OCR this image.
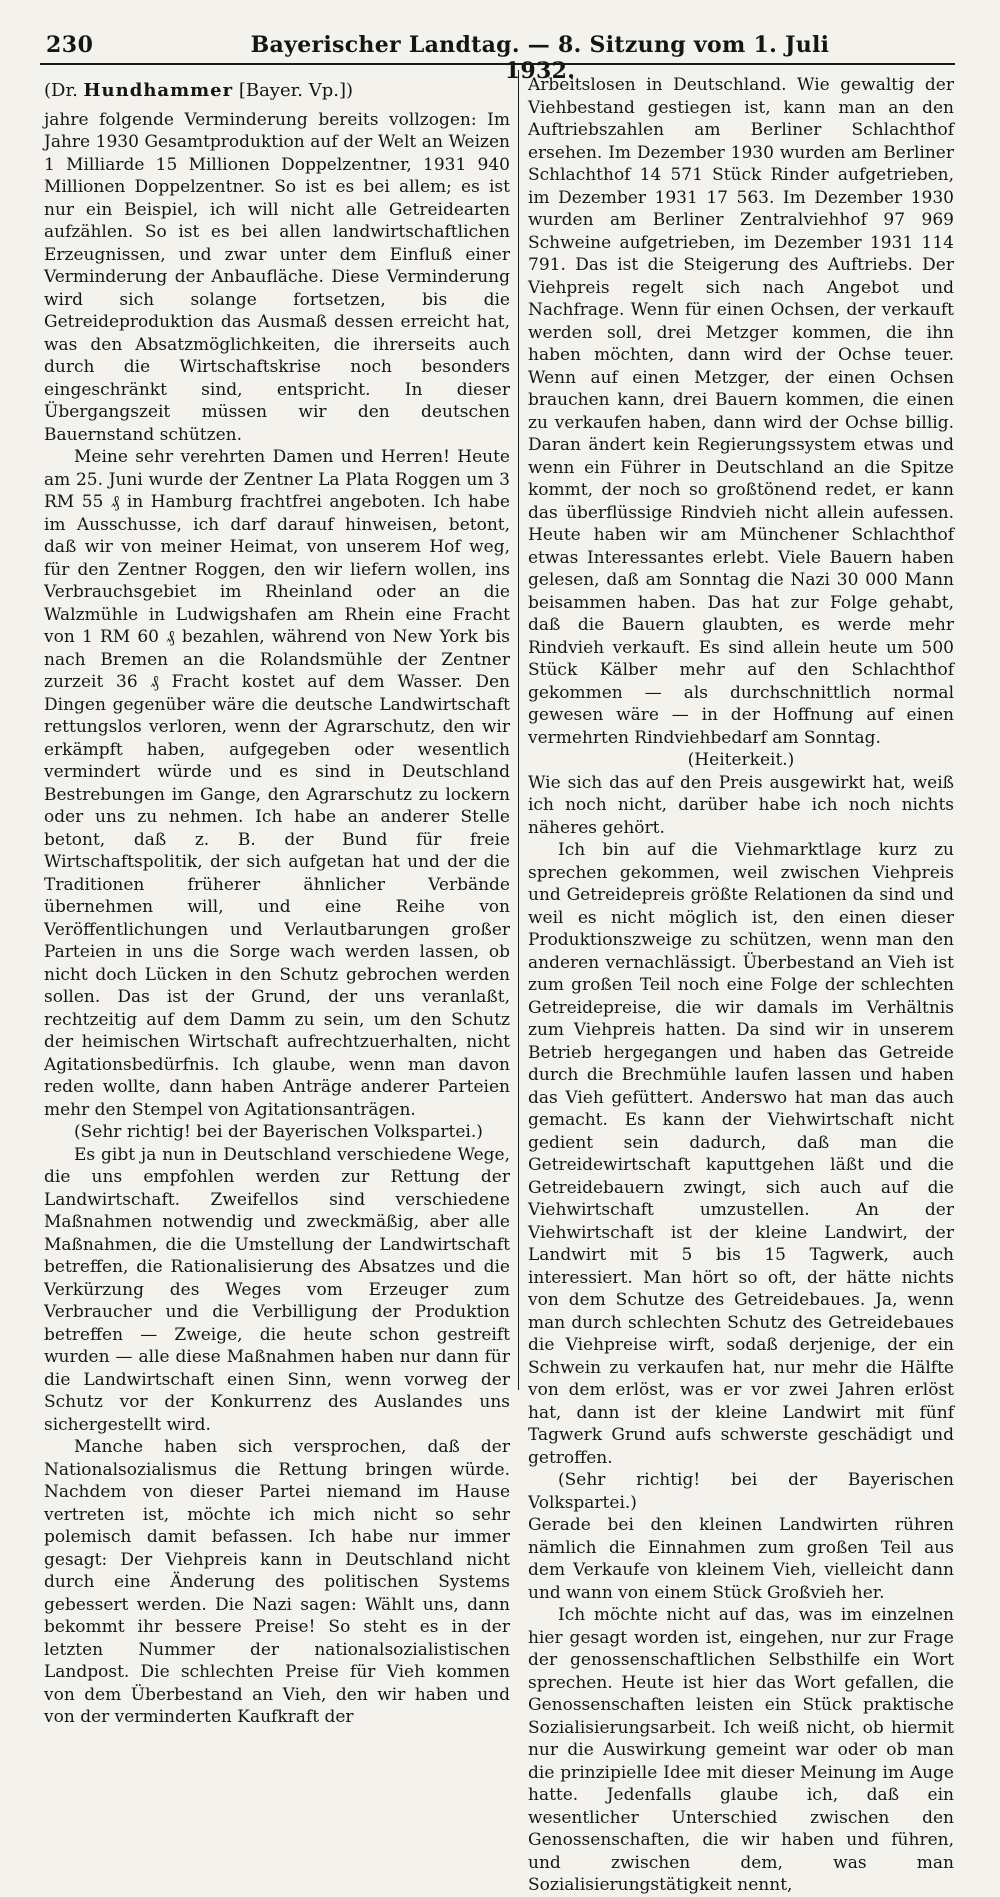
230	Bayerischer Landtag. — 8. Sitzung vom 1. Juli 1932.

(Dr. Hundhammer [Bayer. Vp.])

jahre folgende Verminderung bereits vollzogen: Im Jahre 1930 Gesamtproduktion auf der Welt an Weizen 1 Milliarde 15 Millionen Doppelzentner, 1931 940 Millionen Doppelzentner. So ist es bei allem; es ist nur ein Beispiel, ich will nicht alle Getreidearten aufzählen. So ist es bei allen landwirtschaftlichen Erzeugnissen, und zwar unter dem Einfluß einer Verminderung der Anbaufläche. Diese Verminderung wird sich solange fortsetzen, bis die Getreideproduktion das Ausmaß dessen erreicht hat, was den Absatzmöglichkeiten, die ihrerseits auch durch die Wirtschaftskrise noch besonders eingeschränkt sind, entspricht. In dieser Übergangszeit müssen wir den deutschen Bauernstand schützen.

Meine sehr verehrten Damen und Herren! Heute am 25. Juni wurde der Zentner La Plata Roggen um 3 RM 55 ₰ in Hamburg frachtfrei angeboten. Ich habe im Ausschusse, ich darf darauf hinweisen, betont, daß wir von meiner Heimat, von unserem Hof weg, für den Zentner Roggen, den wir liefern wollen, ins Verbrauchsgebiet im Rheinland oder an die Walzmühle in Ludwigshafen am Rhein eine Fracht von 1 RM 60 ₰ bezahlen, während von New York bis nach Bremen an die Rolandsmühle der Zentner zurzeit 36 ₰ Fracht kostet auf dem Wasser. Den Dingen gegenüber wäre die deutsche Landwirtschaft rettungslos verloren, wenn der Agrarschutz, den wir erkämpft haben, aufgegeben oder wesentlich vermindert würde und es sind in Deutschland Bestrebungen im Gange, den Agrarschutz zu lockern oder uns zu nehmen. Ich habe an anderer Stelle betont, daß z. B. der Bund für freie Wirtschaftspolitik, der sich aufgetan hat und der die Traditionen früherer ähnlicher Verbände übernehmen will, und eine Reihe von Veröffentlichungen und Verlautbarungen großer Parteien in uns die Sorge wach werden lassen, ob nicht doch Lücken in den Schutz gebrochen werden sollen. Das ist der Grund, der uns veranlaßt, rechtzeitig auf dem Damm zu sein, um den Schutz der heimischen Wirtschaft aufrechtzuerhalten, nicht Agitationsbedürfnis. Ich glaube, wenn man davon reden wollte, dann haben Anträge anderer Parteien mehr den Stempel von Agitationsanträgen.

(Sehr richtig! bei der Bayerischen Volkspartei.)

Es gibt ja nun in Deutschland verschiedene Wege, die uns empfohlen werden zur Rettung der Landwirtschaft. Zweifellos sind verschiedene Maßnahmen notwendig und zweckmäßig, aber alle Maßnahmen, die die Umstellung der Landwirtschaft betreffen, die Rationalisierung des Absatzes und die Verkürzung des Weges vom Erzeuger zum Verbraucher und die Verbilligung der Produktion betreffen — Zweige, die heute schon gestreift wurden — alle diese Maßnahmen haben nur dann für die Landwirtschaft einen Sinn, wenn vorweg der Schutz vor der Konkurrenz des Auslandes uns sichergestellt wird.

Manche haben sich versprochen, daß der Nationalsozialismus die Rettung bringen würde. Nachdem von dieser Partei niemand im Hause vertreten ist, möchte ich mich nicht so sehr polemisch damit befassen. Ich habe nur immer gesagt: Der Viehpreis kann in Deutschland nicht durch eine Änderung des politischen Systems gebessert werden. Die Nazi sagen: Wählt uns, dann bekommt ihr bessere Preise! So steht es in der letzten Nummer der nationalsozialistischen Landpost. Die schlechten Preise für Vieh kommen von dem Überbestand an Vieh, den wir haben und von der verminderten Kaufkraft der

Arbeitslosen in Deutschland. Wie gewaltig der Viehbestand gestiegen ist, kann man an den Auftriebszahlen am Berliner Schlachthof ersehen. Im Dezember 1930 wurden am Berliner Schlachthof 14 571 Stück Rinder aufgetrieben, im Dezember 1931 17 563. Im Dezember 1930 wurden am Berliner Zentralviehhof 97 969 Schweine aufgetrieben, im Dezember 1931 114 791. Das ist die Steigerung des Auftriebs. Der Viehpreis regelt sich nach Angebot und Nachfrage. Wenn für einen Ochsen, der verkauft werden soll, drei Metzger kommen, die ihn haben möchten, dann wird der Ochse teuer. Wenn auf einen Metzger, der einen Ochsen brauchen kann, drei Bauern kommen, die einen zu verkaufen haben, dann wird der Ochse billig. Daran ändert kein Regierungssystem etwas und wenn ein Führer in Deutschland an die Spitze kommt, der noch so großtönend redet, er kann das überflüssige Rindvieh nicht allein aufessen. Heute haben wir am Münchener Schlachthof etwas Interessantes erlebt. Viele Bauern haben gelesen, daß am Sonntag die Nazi 30 000 Mann beisammen haben. Das hat zur Folge gehabt, daß die Bauern glaubten, es werde mehr Rindvieh verkauft. Es sind allein heute um 500 Stück Kälber mehr auf den Schlachthof gekommen — als durchschnittlich normal gewesen wäre — in der Hoffnung auf einen vermehrten Rindviehbedarf am Sonntag.

(Heiterkeit.)

Wie sich das auf den Preis ausgewirkt hat, weiß ich noch nicht, darüber habe ich noch nichts näheres gehört.

Ich bin auf die Viehmarktlage kurz zu sprechen gekommen, weil zwischen Viehpreis und Getreidepreis größte Relationen da sind und weil es nicht möglich ist, den einen dieser Produktionszweige zu schützen, wenn man den anderen vernachlässigt. Überbestand an Vieh ist zum großen Teil noch eine Folge der schlechten Getreidepreise, die wir damals im Verhältnis zum Viehpreis hatten. Da sind wir in unserem Betrieb hergegangen und haben das Getreide durch die Brechmühle laufen lassen und haben das Vieh gefüttert. Anderswo hat man das auch gemacht. Es kann der Viehwirtschaft nicht gedient sein dadurch, daß man die Getreidewirtschaft kaputtgehen läßt und die Getreidebauern zwingt, sich auch auf die Viehwirtschaft umzustellen. An der Viehwirtschaft ist der kleine Landwirt, der Landwirt mit 5 bis 15 Tagwerk, auch interessiert. Man hört so oft, der hätte nichts von dem Schutze des Getreidebaues. Ja, wenn man durch schlechten Schutz des Getreidebaues die Viehpreise wirft, sodaß derjenige, der ein Schwein zu verkaufen hat, nur mehr die Hälfte von dem erlöst, was er vor zwei Jahren erlöst hat, dann ist der kleine Landwirt mit fünf Tagwerk Grund aufs schwerste geschädigt und getroffen.

(Sehr richtig! bei der Bayerischen Volkspartei.)

Gerade bei den kleinen Landwirten rühren nämlich die Einnahmen zum großen Teil aus dem Verkaufe von kleinem Vieh, vielleicht dann und wann von einem Stück Großvieh her.

Ich möchte nicht auf das, was im einzelnen hier gesagt worden ist, eingehen, nur zur Frage der genossenschaftlichen Selbsthilfe ein Wort sprechen. Heute ist hier das Wort gefallen, die Genossenschaften leisten ein Stück praktische Sozialisierungsarbeit. Ich weiß nicht, ob hiermit nur die Auswirkung gemeint war oder ob man die prinzipielle Idee mit dieser Meinung im Auge hatte. Jedenfalls glaube ich, daß ein wesentlicher Unterschied zwischen den Genossenschaften, die wir haben und führen, und zwischen dem, was man Sozialisierungstätigkeit nennt,
